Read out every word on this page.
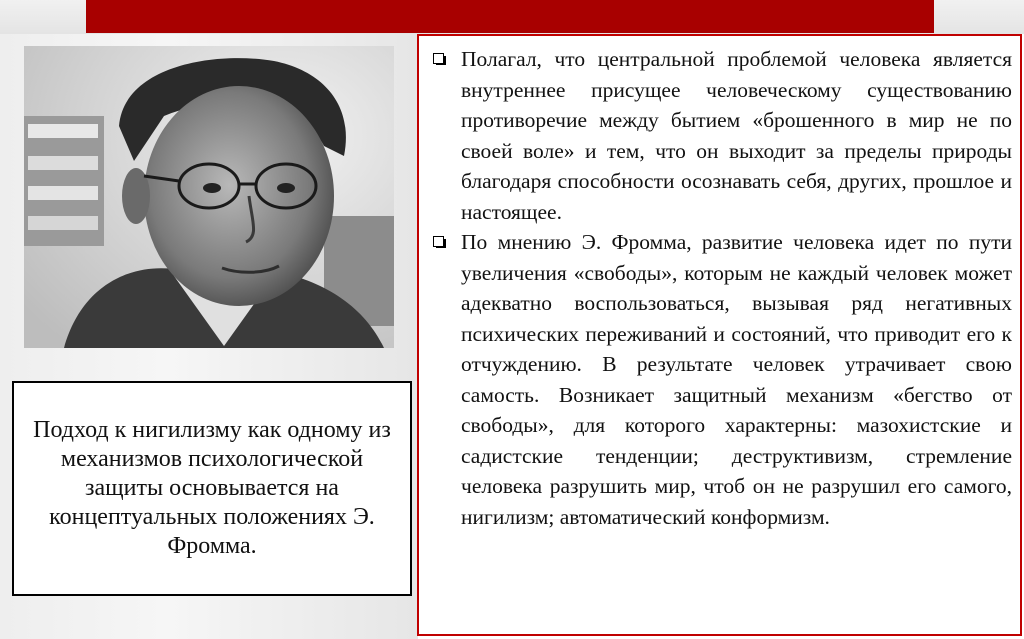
Подход к нигилизму как одному из механизмов психологической защиты основывается на концептуальных положениях Э. Фромма.
Полагал, что центральной проблемой человека является внутреннее присущее человеческому существованию противоречие между бытием «брошенного в мир не по своей воле» и тем, что он выходит за пределы природы благодаря способности осознавать себя, других, прошлое и настоящее.
По мнению Э. Фромма, развитие человека идет по пути увеличения «свободы», которым не каждый человек может адекватно воспользоваться, вызывая ряд негативных психических переживаний и состояний, что приводит его к отчуждению. В результате человек утрачивает свою самость. Возникает защитный механизм «бегство от свободы», для которого характерны: мазохистские и садистские тенденции; деструктивизм, стремление человека разрушить мир, чтоб он не разрушил его самого, нигилизм; автоматический конформизм.
